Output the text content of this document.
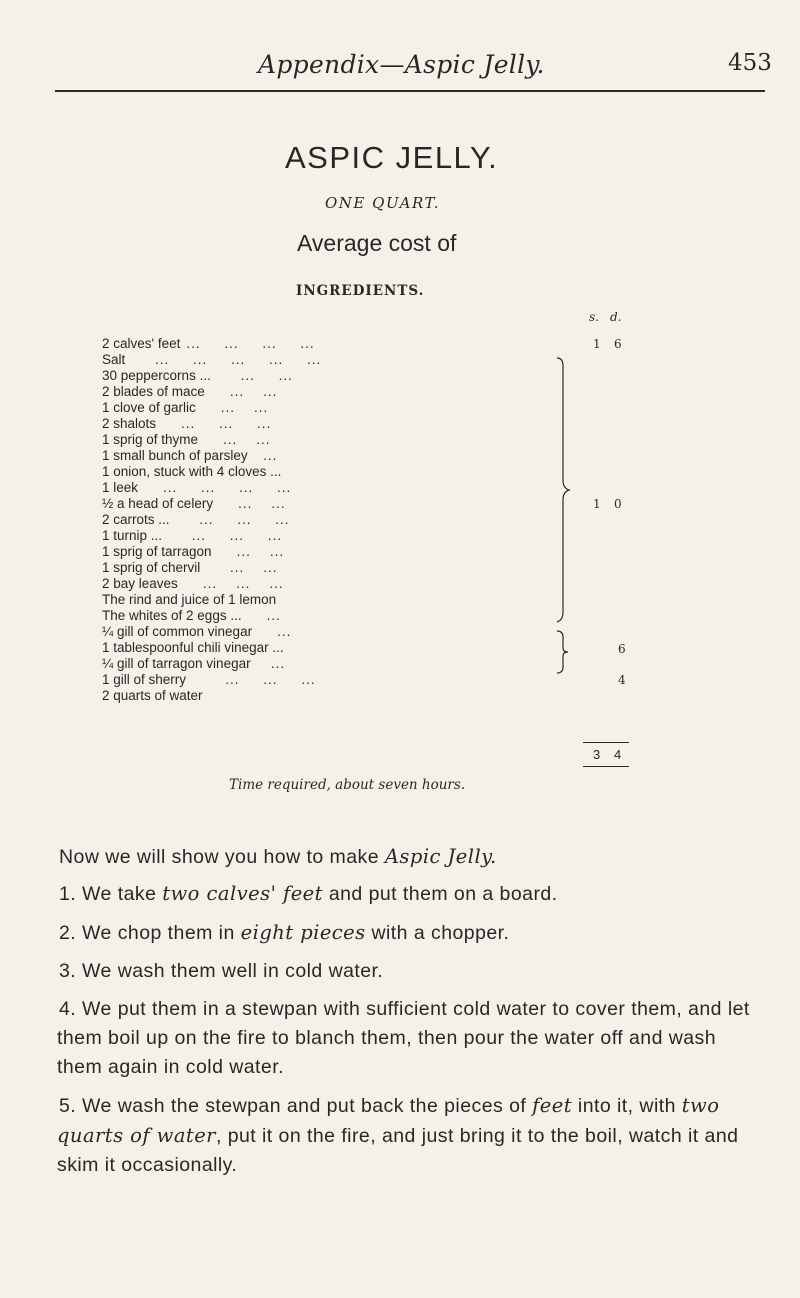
Appendix—Aspic Jelly.	453
ASPIC JELLY.
ONE QUART.
Average cost of
INGREDIENTS.
s. d.
2 calves' feet ...     ...     ...     ...
Salt     ...     ...     ...     ...     ...
30 peppercorns ...     ...     ...
2 blades of mace    ...    ...
1 clove of garlic    ...    ...
2 shalots    ...     ...     ...
1 sprig of thyme    ...    ...
1 small bunch of parsley  ...
1 onion, stuck with 4 cloves ...
1 leek    ...     ...     ...     ...
½ a head of celery    ...    ...
2 carrots ...     ...     ...     ...
1 turnip ...     ...     ...     ...
1 sprig of tarragon    ...    ...
1 sprig of chervil     ...    ...
2 bay leaves    ...    ...    ...
The rind and juice of 1 lemon
The whites of 2 eggs ...    ...
¼ gill of common vinegar    ...
1 tablespoonful chili vinegar ...
¼ gill of tarragon vinegar   ...
1 gill of sherry       ...     ...     ...
2 quarts of water
1 6
1 0
6
4
3 4
Time required, about seven hours.

Now we will show you how to make Aspic Jelly.

1. We take two calves' feet and put them on a board.

2. We chop them in eight pieces with a chopper.

3. We wash them well in cold water.

4. We put them in a stewpan with sufficient cold water to cover them, and let them boil up on the fire to blanch them, then pour the water off and wash them again in cold water.

5. We wash the stewpan and put back the pieces of feet into it, with two quarts of water, put it on the fire, and just bring it to the boil, watch it and skim it occasionally.
